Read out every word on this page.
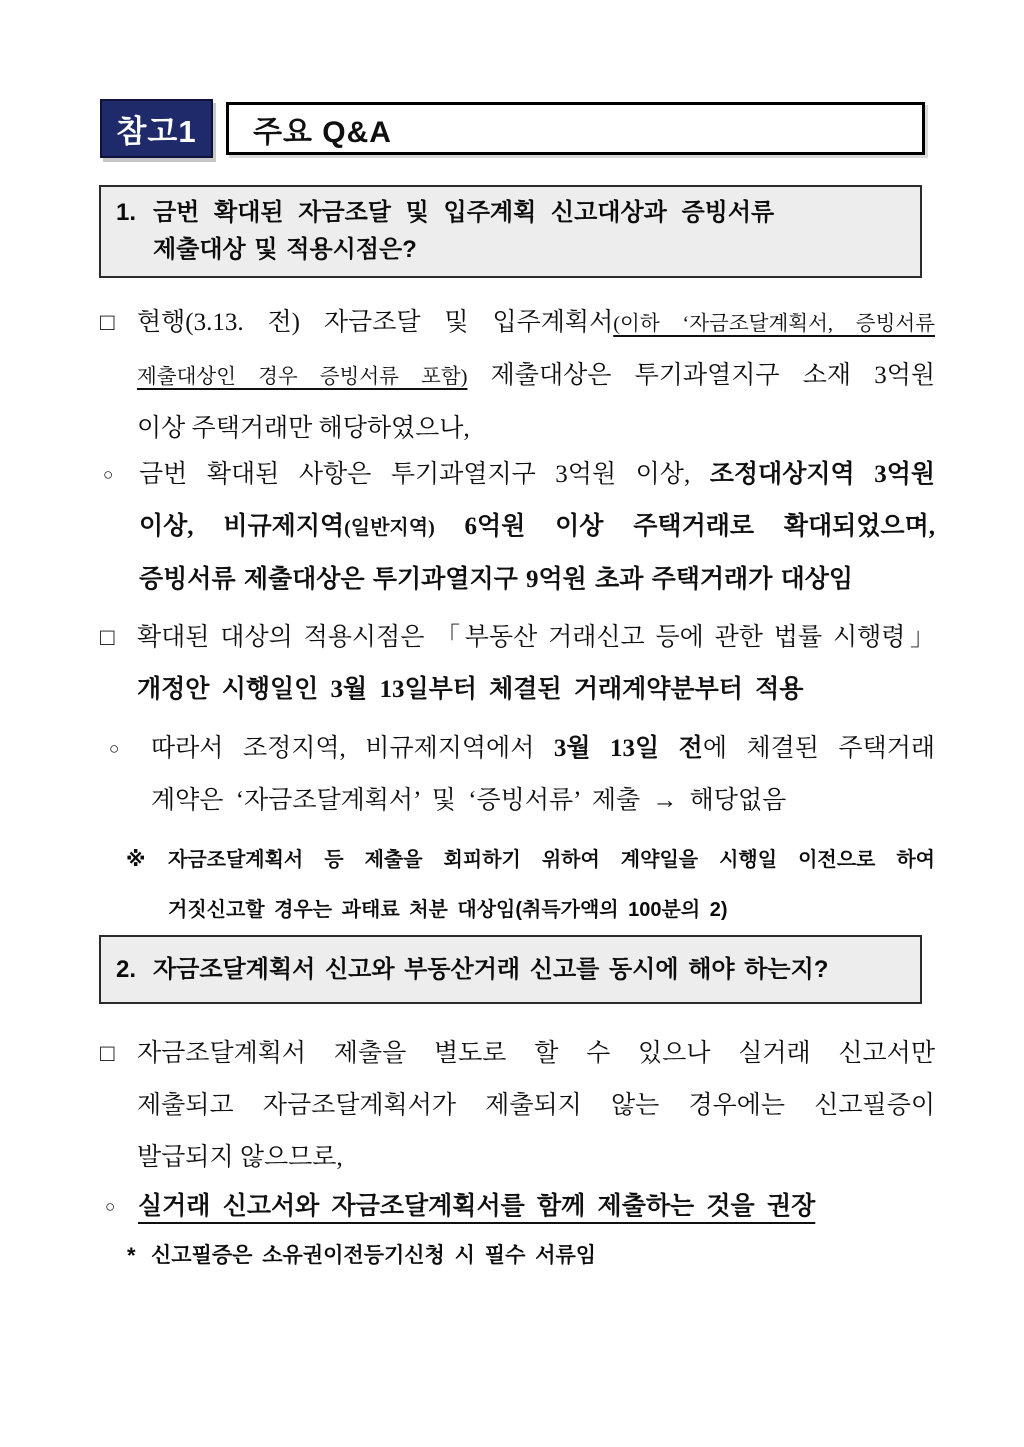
참고1 주요 Q&A
1. 금번 확대된 자금조달 및 입주계획 신고대상과 증빙서류
제출대상 및 적용시점은?
□ 현행(3.13. 전) 자금조달 및 입주계획서(이하 ‘자금조달계획서, 증빙서류
제출대상인 경우 증빙서류 포함) 제출대상은 투기과열지구 소재 3억원
이상 주택거래만 해당하였으나,
○	금번 확대된 사항은 투기과열지구 3억원 이상, 조정대상지역 3억원
이상, 비규제지역(일반지역) 6억원 이상 주택거래로 확대되었으며,
증빙서류 제출대상은 투기과열지구 9억원 초과 주택거래가 대상임
□ 확대된 대상의 적용시점은 「부동산 거래신고 등에 관한 법률 시행령」
개정안 시행일인 3월 13일부터 체결된 거래계약분부터 적용
○	따라서 조정지역, 비규제지역에서 3월 13일 전에 체결된 주택거래
계약은 ‘자금조달계획서’ 및 ‘증빙서류’ 제출 → 해당없음
※	자금조달계획서 등 제출을 회피하기 위하여 계약일을 시행일 이전으로 하여
거짓신고할 경우는 과태료 처분 대상임(취득가액의 100분의 2)
2. 자금조달계획서 신고와 부동산거래 신고를 동시에 해야 하는지?
□ 자금조달계획서 제출을 별도로 할 수 있으나 실거래 신고서만
제출되고 자금조달계획서가 제출되지 않는 경우에는 신고필증이
발급되지 않으므로,
○ 실거래 신고서와 자금조달계획서를 함께 제출하는 것을 권장
* 신고필증은 소유권이전등기신청 시 필수 서류임
